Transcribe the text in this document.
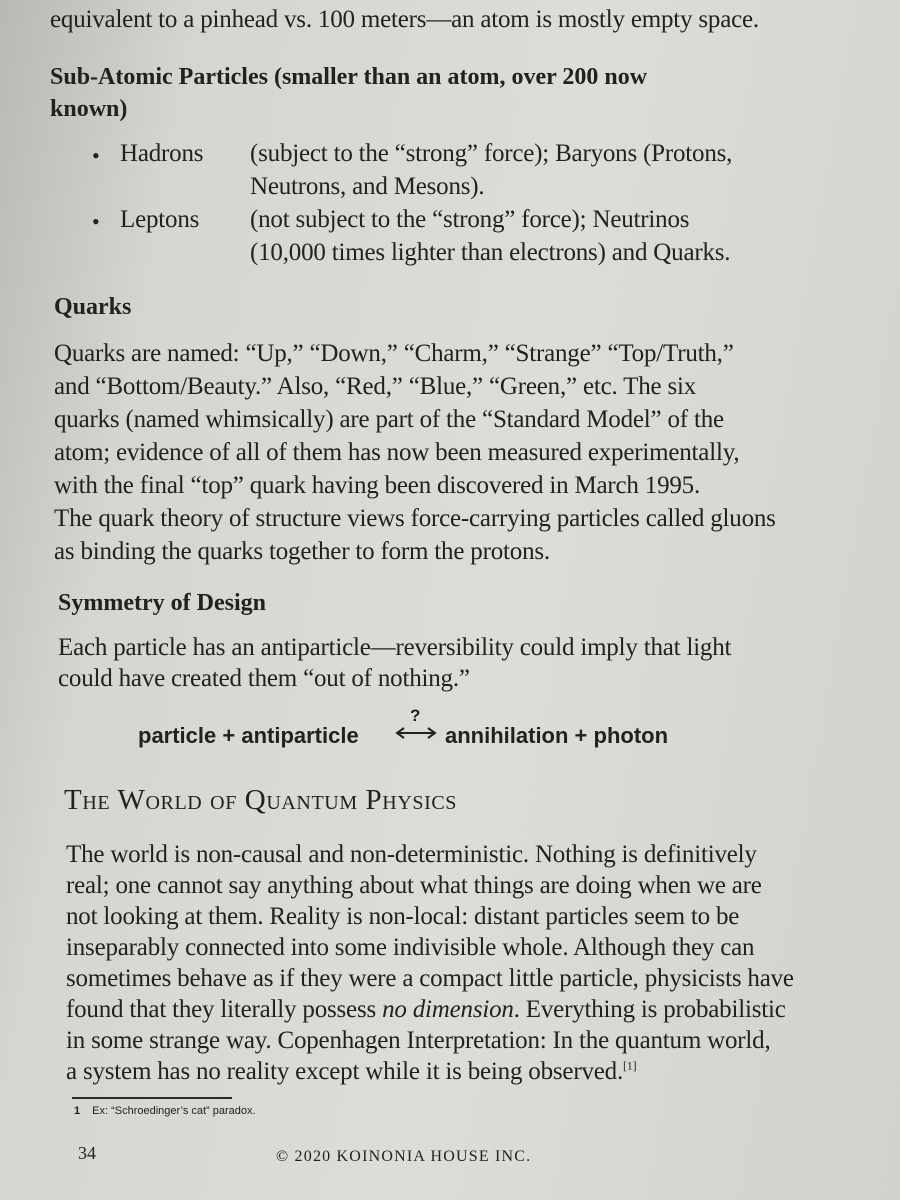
equivalent to a pinhead vs. 100 meters—an atom is mostly empty space.
Sub-Atomic Particles (smaller than an atom, over 200 now
known)
• Hadrons (subject to the “strong” force); Baryons (Protons,
Neutrons, and Mesons).
• Leptons (not subject to the “strong” force); Neutrinos
(10,000 times lighter than electrons) and Quarks.
Quarks
Quarks are named: “Up,” “Down,” “Charm,” “Strange” “Top/Truth,”
and “Bottom/Beauty.” Also, “Red,” “Blue,” “Green,” etc. The six
quarks (named whimsically) are part of the “Standard Model” of the
atom; evidence of all of them has now been measured experimentally,
with the final “top” quark having been discovered in March 1995.
The quark theory of structure views force-carrying particles called gluons
as binding the quarks together to form the protons.
Symmetry of Design
Each particle has an antiparticle—reversibility could imply that light
could have created them “out of nothing.”
particle + antiparticle
?
annihilation + photon
The World of Quantum Physics
The world is non-causal and non-deterministic. Nothing is definitively
real; one cannot say anything about what things are doing when we are
not looking at them. Reality is non-local: distant particles seem to be
inseparably connected into some indivisible whole. Although they can
sometimes behave as if they were a compact little particle, physicists have
found that they literally possess no dimension. Everything is probabilistic
in some strange way. Copenhagen Interpretation: In the quantum world,
a system has no reality except while it is being observed.[1]
1 Ex: “Schroedinger’s cat” paradox.
34	© 2020 KOINONIA HOUSE INC.
